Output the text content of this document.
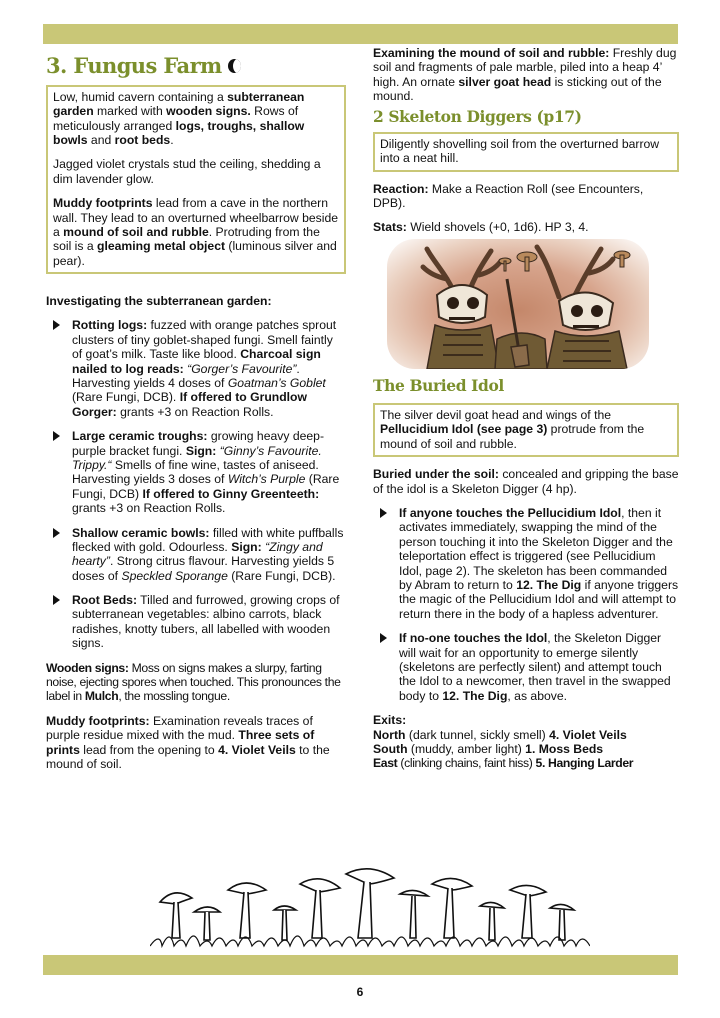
3. Fungus Farm

Low, humid cavern containing a subterranean garden marked with wooden signs. Rows of meticulously arranged logs, troughs, shallow bowls and root beds.

Jagged violet crystals stud the ceiling, shedding a dim lavender glow.

Muddy footprints lead from a cave in the northern wall. They lead to an overturned wheelbarrow beside a mound of soil and rubble. Protruding from the soil is a gleaming metal object (luminous silver and pear).

Investigating the subterranean garden:

Rotting logs: fuzzed with orange patches sprout clusters of tiny goblet-shaped fungi. Smell faintly of goat’s milk. Taste like blood. Charcoal sign nailed to log reads: “Gorger’s Favourite”. Harvesting yields 4 doses of Goatman’s Goblet (Rare Fungi, DCB). If offered to Grundlow Gorger: grants +3 on Reaction Rolls.
Large ceramic troughs: growing heavy deep-purple bracket fungi. Sign: “Ginny’s Favourite. Trippy.“ Smells of fine wine, tastes of aniseed. Harvesting yields 3 doses of Witch’s Purple (Rare Fungi, DCB) If offered to Ginny Greenteeth: grants +3 on Reaction Rolls.
Shallow ceramic bowls: filled with white puffballs flecked with gold. Odourless. Sign: “Zingy and hearty”. Strong citrus flavour. Harvesting yields 5 doses of Speckled Sporange (Rare Fungi, DCB).
Root Beds: Tilled and furrowed, growing crops of subterranean vegetables: albino carrots, black radishes, knotty tubers, all labelled with wooden signs.

Wooden signs: Moss on signs makes a slurpy, farting noise, ejecting spores when touched. This pronounces the label in Mulch, the mossling tongue.

Muddy footprints: Examination reveals traces of purple residue mixed with the mud. Three sets of prints lead from the opening to 4. Violet Veils to the mound of soil.

Examining the mound of soil and rubble: Freshly dug soil and fragments of pale marble, piled into a heap 4’ high. An ornate silver goat head is sticking out of the mound.

2 Skeleton Diggers (p17)
Diligently shovelling soil from the overturned barrow into a neat hill.

Reaction: Make a Reaction Roll (see Encounters, DPB).

Stats: Wield shovels (+0, 1d6). HP 3, 4.

The Buried Idol
The silver devil goat head and wings of the Pellucidium Idol (see page 3) protrude from the mound of soil and rubble.

Buried under the soil: concealed and gripping the base of the idol is a Skeleton Digger (4 hp).

If anyone touches the Pellucidium Idol, then it activates immediately, swapping the mind of the person touching it into the Skeleton Digger and the teleportation effect is triggered (see Pellucidium Idol, page 2). The skeleton has been commanded by Abram to return to 12. The Dig if anyone triggers the magic of the Pellucidium Idol and will attempt to return there in the body of a hapless adventurer.
If no-one touches the Idol, the Skeleton Digger will wait for an opportunity to emerge silently (skeletons are perfectly silent) and attempt touch the Idol to a newcomer, then travel in the swapped body to 12. The Dig, as above.
Exits:
North (dark tunnel, sickly smell) 4. Violet Veils
South (muddy, amber light) 1. Moss Beds
East (clinking chains, faint hiss) 5. Hanging Larder
6
